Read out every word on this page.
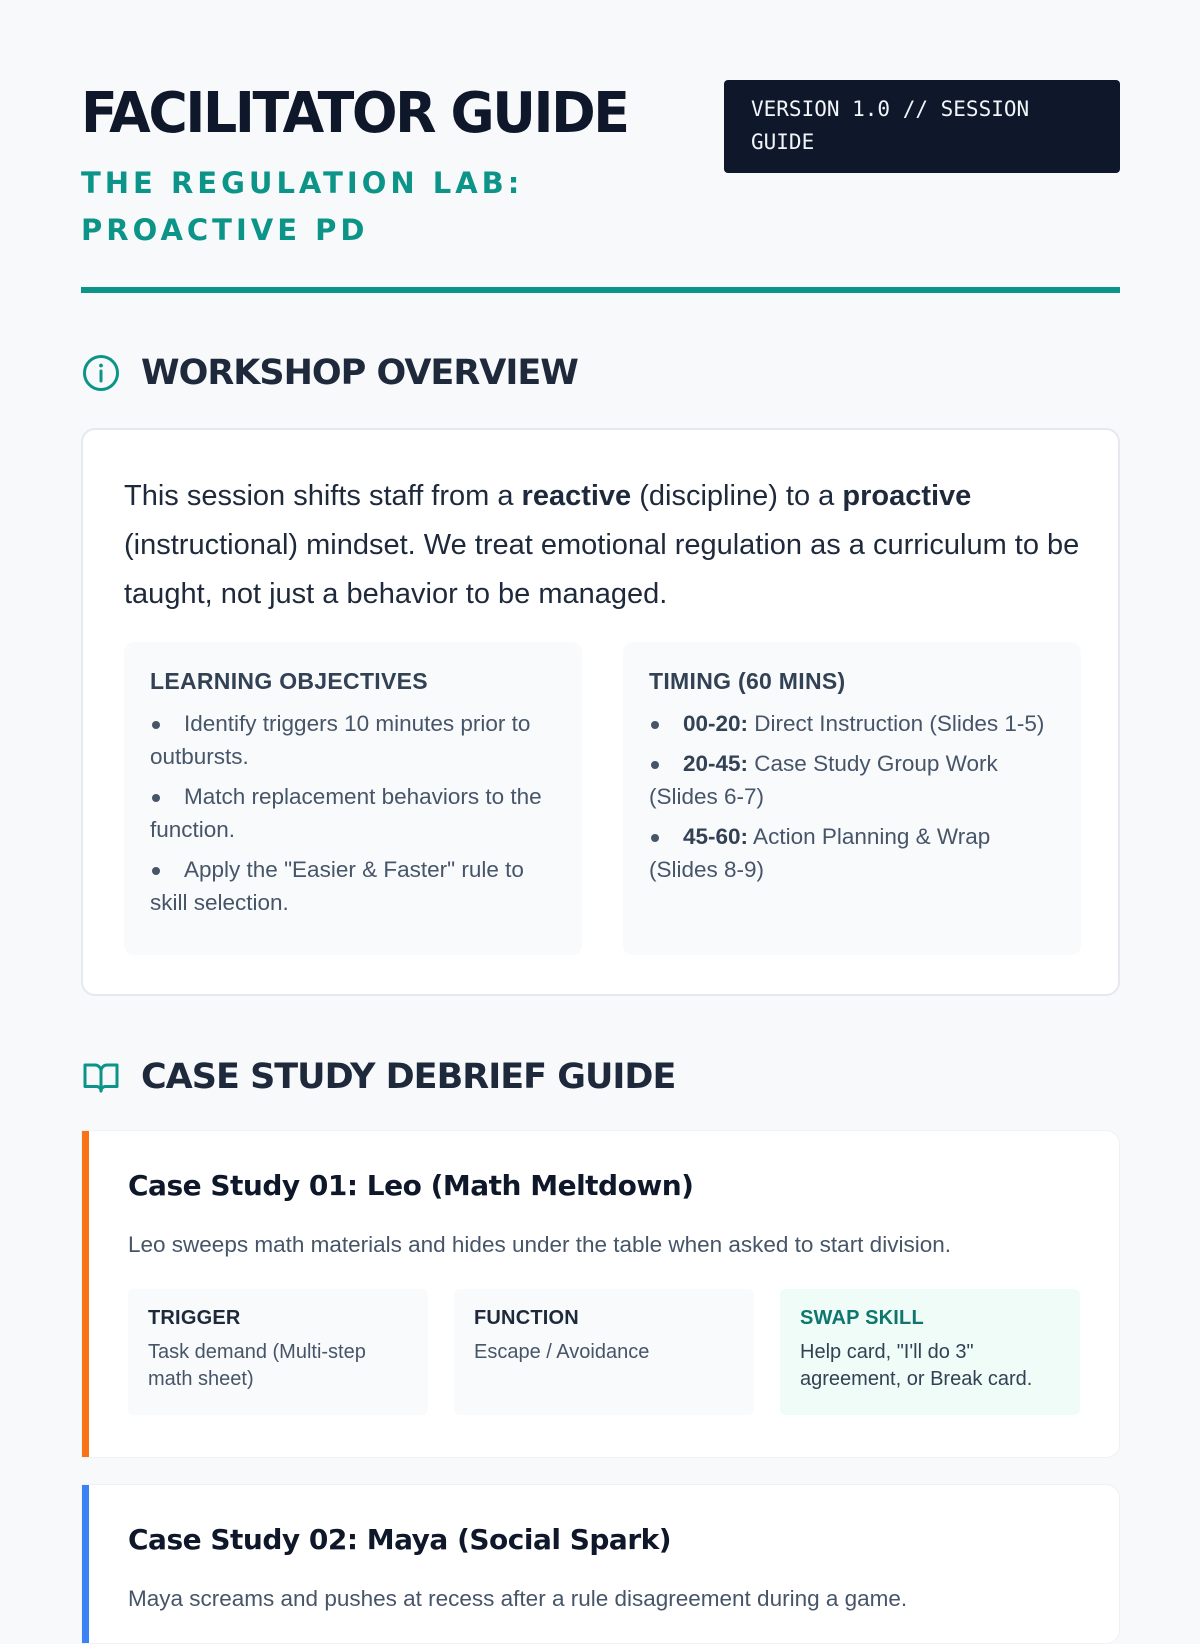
FACILITATOR GUIDE
THE REGULATION LAB:
PROACTIVE PD
VERSION 1.0 // SESSION
GUIDE
WORKSHOP OVERVIEW

This session shifts staff from a reactive (discipline) to a proactive (instructional) mindset. We treat emotional regulation as a curriculum to be taught, not just a behavior to be managed.

LEARNING OBJECTIVES
Identify triggers 10 minutes prior to outbursts.
Match replacement behaviors to the function.
Apply the "Easier & Faster" rule to skill selection.
TIMING (60 MINS)
00-20: Direct Instruction (Slides 1-5)
20-45: Case Study Group Work (Slides 6-7)
45-60: Action Planning & Wrap (Slides 8-9)
CASE STUDY DEBRIEF GUIDE
Case Study 01: Leo (Math Meltdown)

Leo sweeps math materials and hides under the table when asked to start division.

TRIGGER
Task demand (Multi-step math sheet)
FUNCTION
Escape / Avoidance
SWAP SKILL
Help card, "I'll do 3" agreement, or Break card.
Case Study 02: Maya (Social Spark)

Maya screams and pushes at recess after a rule disagreement during a game.
